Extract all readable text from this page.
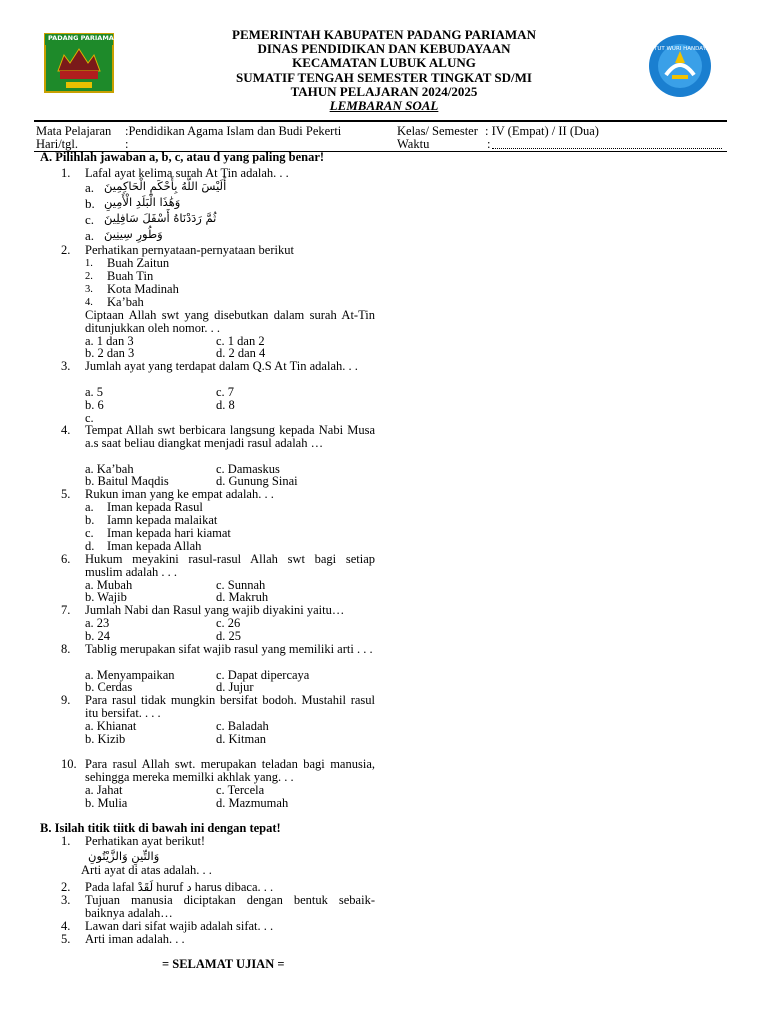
PADANG PARIAMAN
TUT WURI HANDAYANI
PEMERINTAH KABUPATEN PADANG PARIAMAN
DINAS PENDIDIKAN DAN KEBUDAYAAN
KECAMATAN LUBUK ALUNG
SUMATIF TENGAH SEMESTER TINGKAT SD/MI
TAHUN PELAJARAN 2024/2025
LEMBARAN SOAL
Mata Pelajaran :Pendidikan Agama Islam dan Budi Pekerti
Hari/tgl.	:
Kelas/ Semester : IV (Empat) / II (Dua)
Waktu	:
A. Pilihlah jawaban a, b, c, atau d yang paling benar!
1. Lafal ayat kelima surah At Tin adalah. . .
a. أَلَيْسَ اللَّهُ بِأَحْكَمِ الْحَاكِمِينَ
b. وَهَٰذَا الْبَلَدِ الْأَمِينِ
c. ثُمَّ رَدَدْنَاهُ أَسْفَلَ سَافِلِينَ
a. وَطُورِ سِينِينَ
2. Perhatikan pernyataan-pernyataan berikut
1. Buah Zaitun
2. Buah Tin
3. Kota Madinah
4. Ka’bah
Ciptaan Allah swt yang disebutkan dalam surah At-Tin ditunjukkan oleh nomor. . .
a. 1 dan 3	c. 1 dan 2
b. 2 dan 3	d. 2 dan 4
3. Jumlah ayat yang terdapat dalam Q.S At Tin adalah. . .
a. 5	c. 7
b. 6	d. 8
c.
4. Tempat Allah swt berbicara langsung kepada Nabi Musa a.s saat beliau diangkat menjadi rasul adalah …
a. Ka’bah	c. Damaskus
b. Baitul Maqdis	d. Gunung Sinai
5. Rukun iman yang ke empat adalah. . .
a. Iman kepada Rasul
b. Iamn kepada malaikat
c. Iman kepada hari kiamat
d. Iman kepada Allah
6. Hukum meyakini rasul-rasul Allah swt bagi setiap muslim adalah . . .
a. Mubah	c. Sunnah
b. Wajib	d. Makruh
7. Jumlah Nabi dan Rasul yang wajib diyakini yaitu…
a. 23	c. 26
b. 24	d. 25
8. Tablig merupakan sifat wajib rasul yang memiliki arti . . .
a. Menyampaikan	c. Dapat dipercaya
b. Cerdas	d. Jujur
9. Para rasul tidak mungkin bersifat bodoh. Mustahil rasul itu bersifat. . . .
a. Khianat	c. Baladah
b. Kizib	d. Kitman
10. Para rasul Allah swt. merupakan teladan bagi manusia, sehingga mereka memilki akhlak yang. . .
a. Jahat	c. Tercela
b. Mulia	d. Mazmumah
B. Isilah titik tiitk di bawah ini dengan tepat!
1. Perhatikan ayat berikut!
وَالتِّينِ وَالزَّيْتُونِ
Arti ayat di atas adalah. . .
2. Pada lafal لَقَدْ huruf د harus dibaca. . .
3. Tujuan manusia diciptakan dengan bentuk sebaik-baiknya adalah…
4. Lawan dari sifat wajib adalah sifat. . .
5. Arti iman adalah. . .
= SELAMAT UJIAN =
